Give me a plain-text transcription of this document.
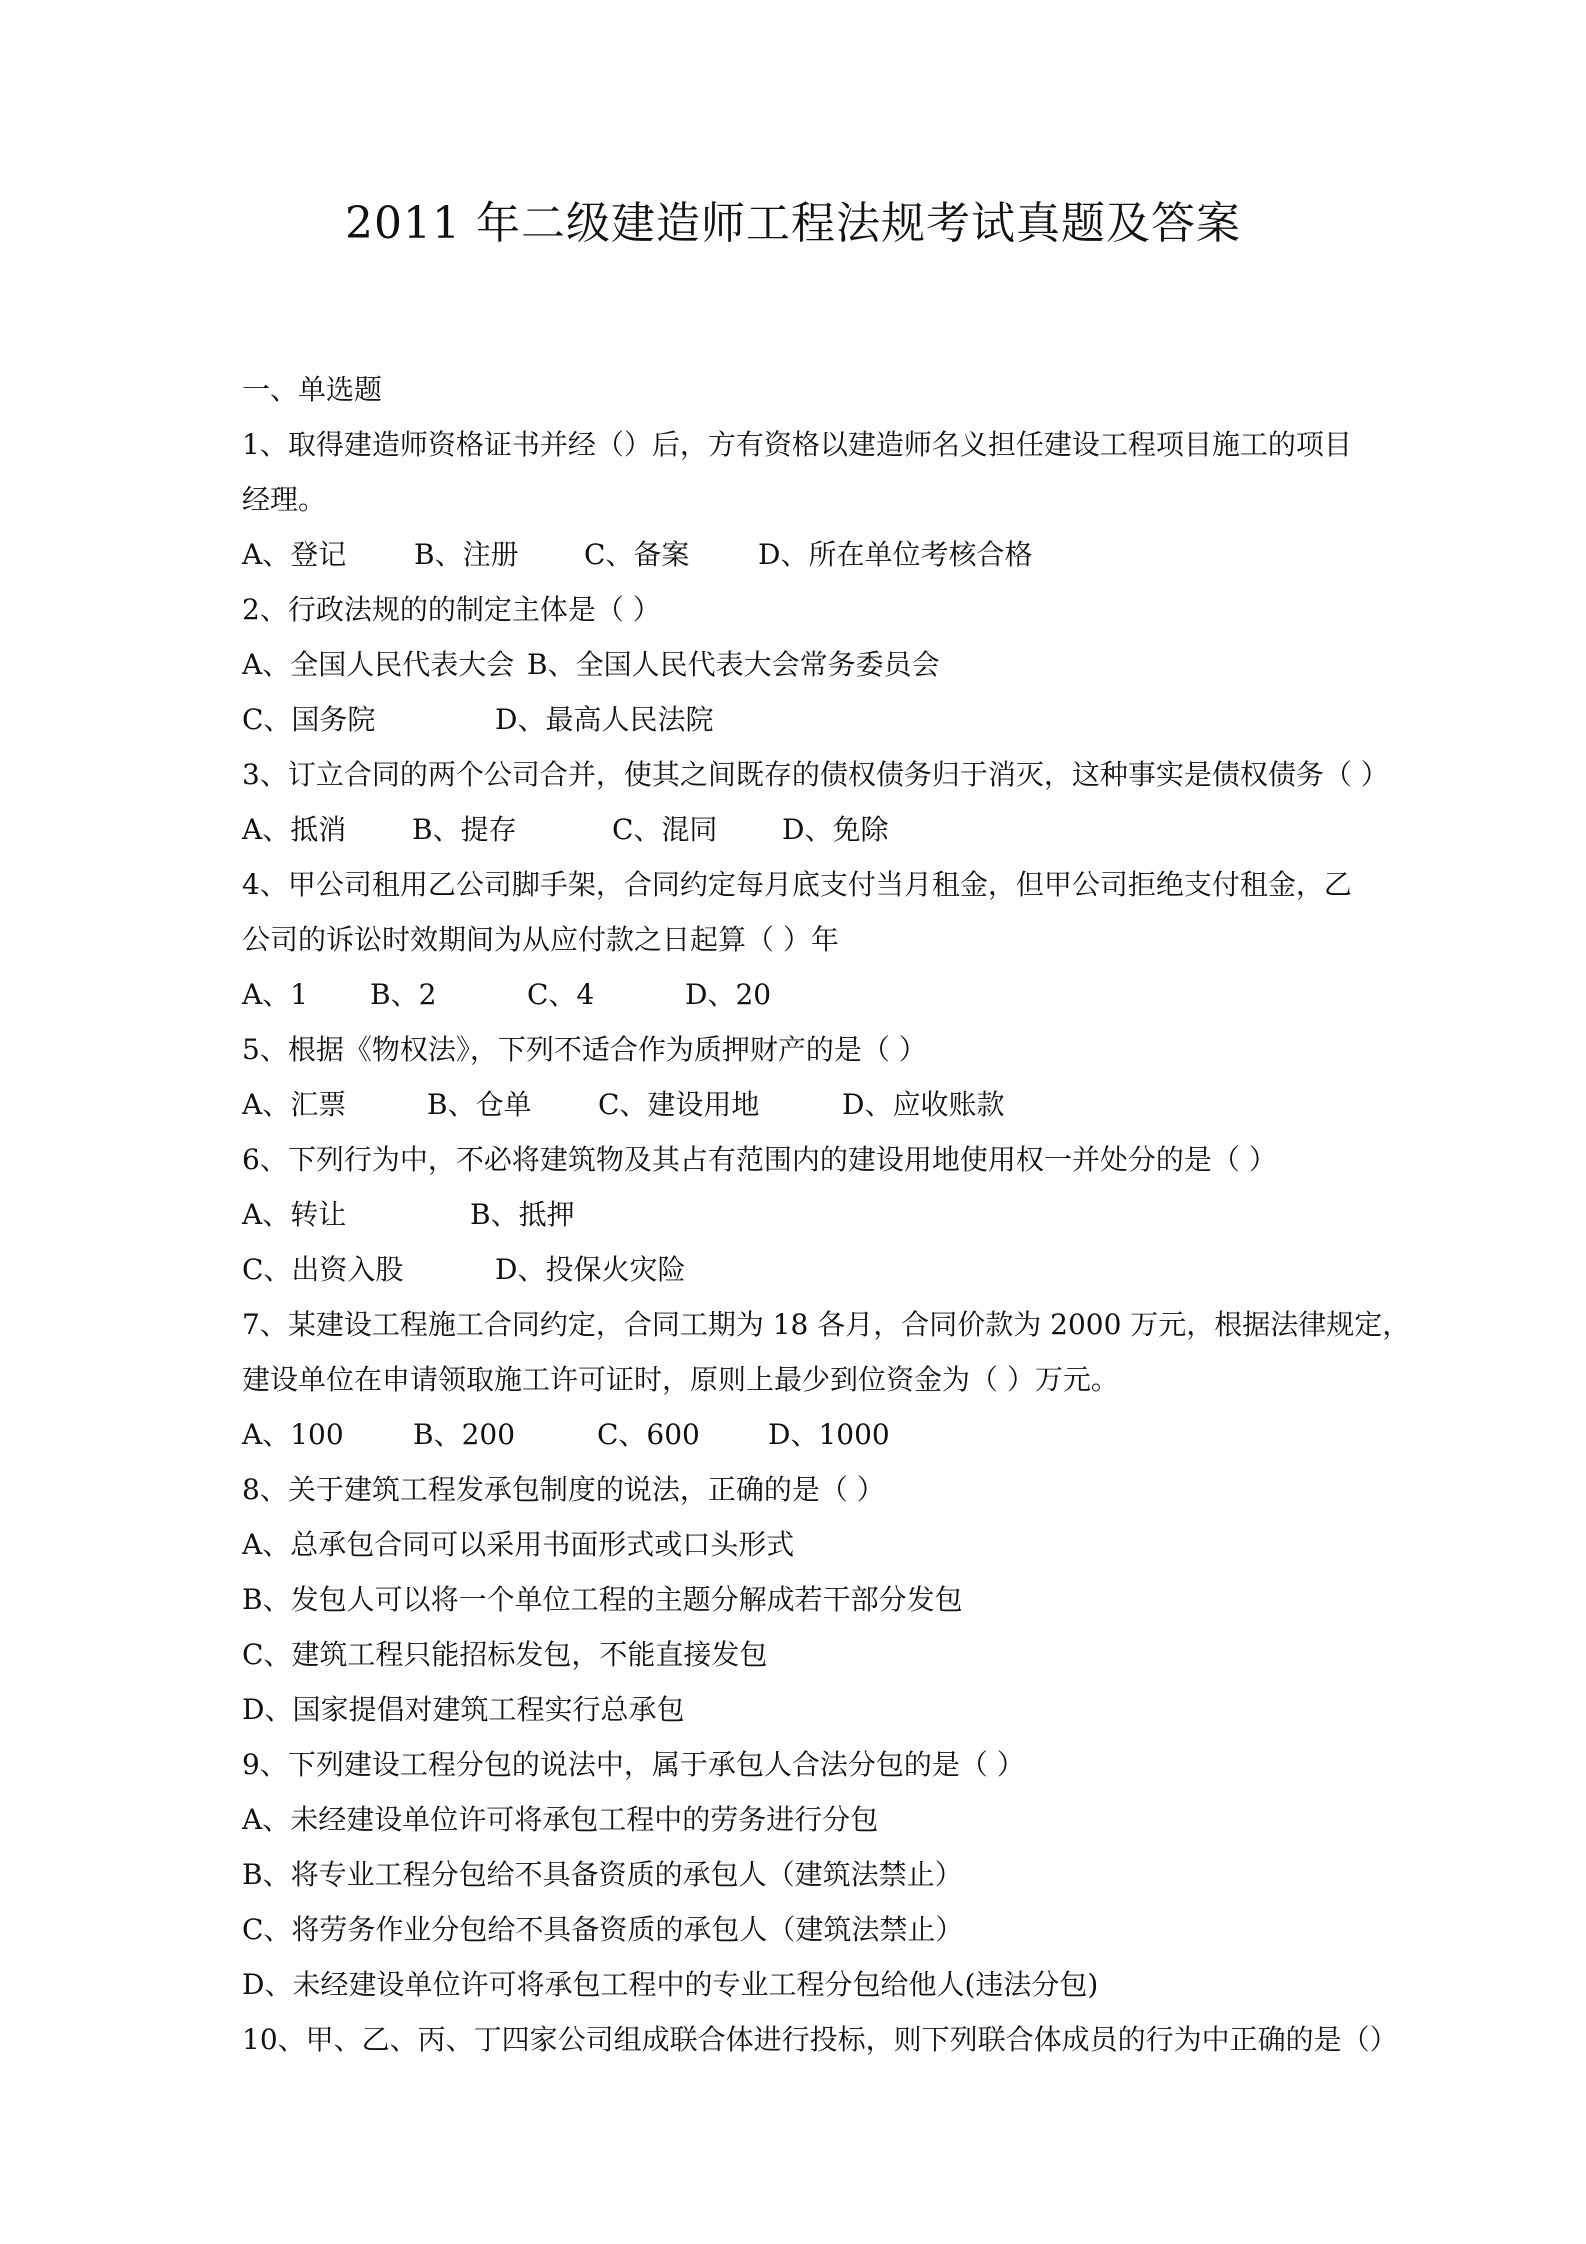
2011 年二级建造师工程法规考试真题及答案
一、单选题
1、取得建造师资格证书并经（）后，方有资格以建造师名义担任建设工程项目施工的项目
经理。
A、登记	B、注册	C、备案	D、所在单位考核合格
2、行政法规的的制定主体是（ ）
A、全国人民代表大会 B、全国人民代表大会常务委员会
C、国务院	D、最高人民法院
3、订立合同的两个公司合并，使其之间既存的债权债务归于消灭，这种事实是债权债务（ ）
A、抵消	B、提存	C、混同	D、免除
4、甲公司租用乙公司脚手架，合同约定每月底支付当月租金，但甲公司拒绝支付租金，乙
公司的诉讼时效期间为从应付款之日起算（ ）年
A、1	B、2	C、4	D、20
5、根据《物权法》，下列不适合作为质押财产的是（ ）
A、汇票	B、仓单	C、建设用地	D、应收账款
6、下列行为中，不必将建筑物及其占有范围内的建设用地使用权一并处分的是（ ）
A、转让	B、抵押
C、出资入股	D、投保火灾险
7、某建设工程施工合同约定，合同工期为 18 各月，合同价款为 2000 万元，根据法律规定，
建设单位在申请领取施工许可证时，原则上最少到位资金为（ ）万元。
A、100	B、200	C、600	D、1000
8、关于建筑工程发承包制度的说法，正确的是（ ）
A、总承包合同可以采用书面形式或口头形式
B、发包人可以将一个单位工程的主题分解成若干部分发包
C、建筑工程只能招标发包，不能直接发包
D、国家提倡对建筑工程实行总承包
9、下列建设工程分包的说法中，属于承包人合法分包的是（ ）
A、未经建设单位许可将承包工程中的劳务进行分包
B、将专业工程分包给不具备资质的承包人（建筑法禁止）
C、将劳务作业分包给不具备资质的承包人（建筑法禁止）
D、未经建设单位许可将承包工程中的专业工程分包给他人(违法分包)
10、甲、乙、丙、丁四家公司组成联合体进行投标，则下列联合体成员的行为中正确的是（）
